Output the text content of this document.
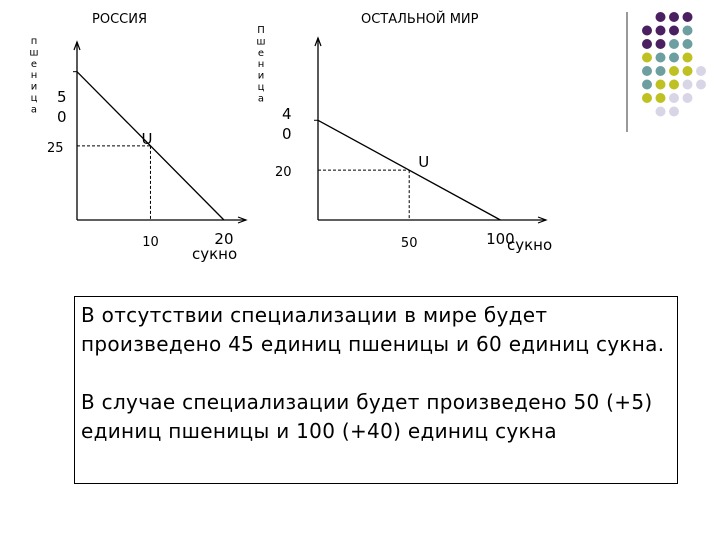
РОССИЯ
п
ш
е
н
и
ц
а
U
5
0
25
10	20
сукно
ОСТАЛЬНОЙ МИР
П
ш
е
н
и
ц
а
U
4
0
20
50	100
сукно

В отсутствии специализации в мире будет произведено 45 единиц пшеницы и 60 единиц сукна.

В случае специализации будет произведено 50 (+5) единиц пшеницы и 100 (+40) единиц сукна
